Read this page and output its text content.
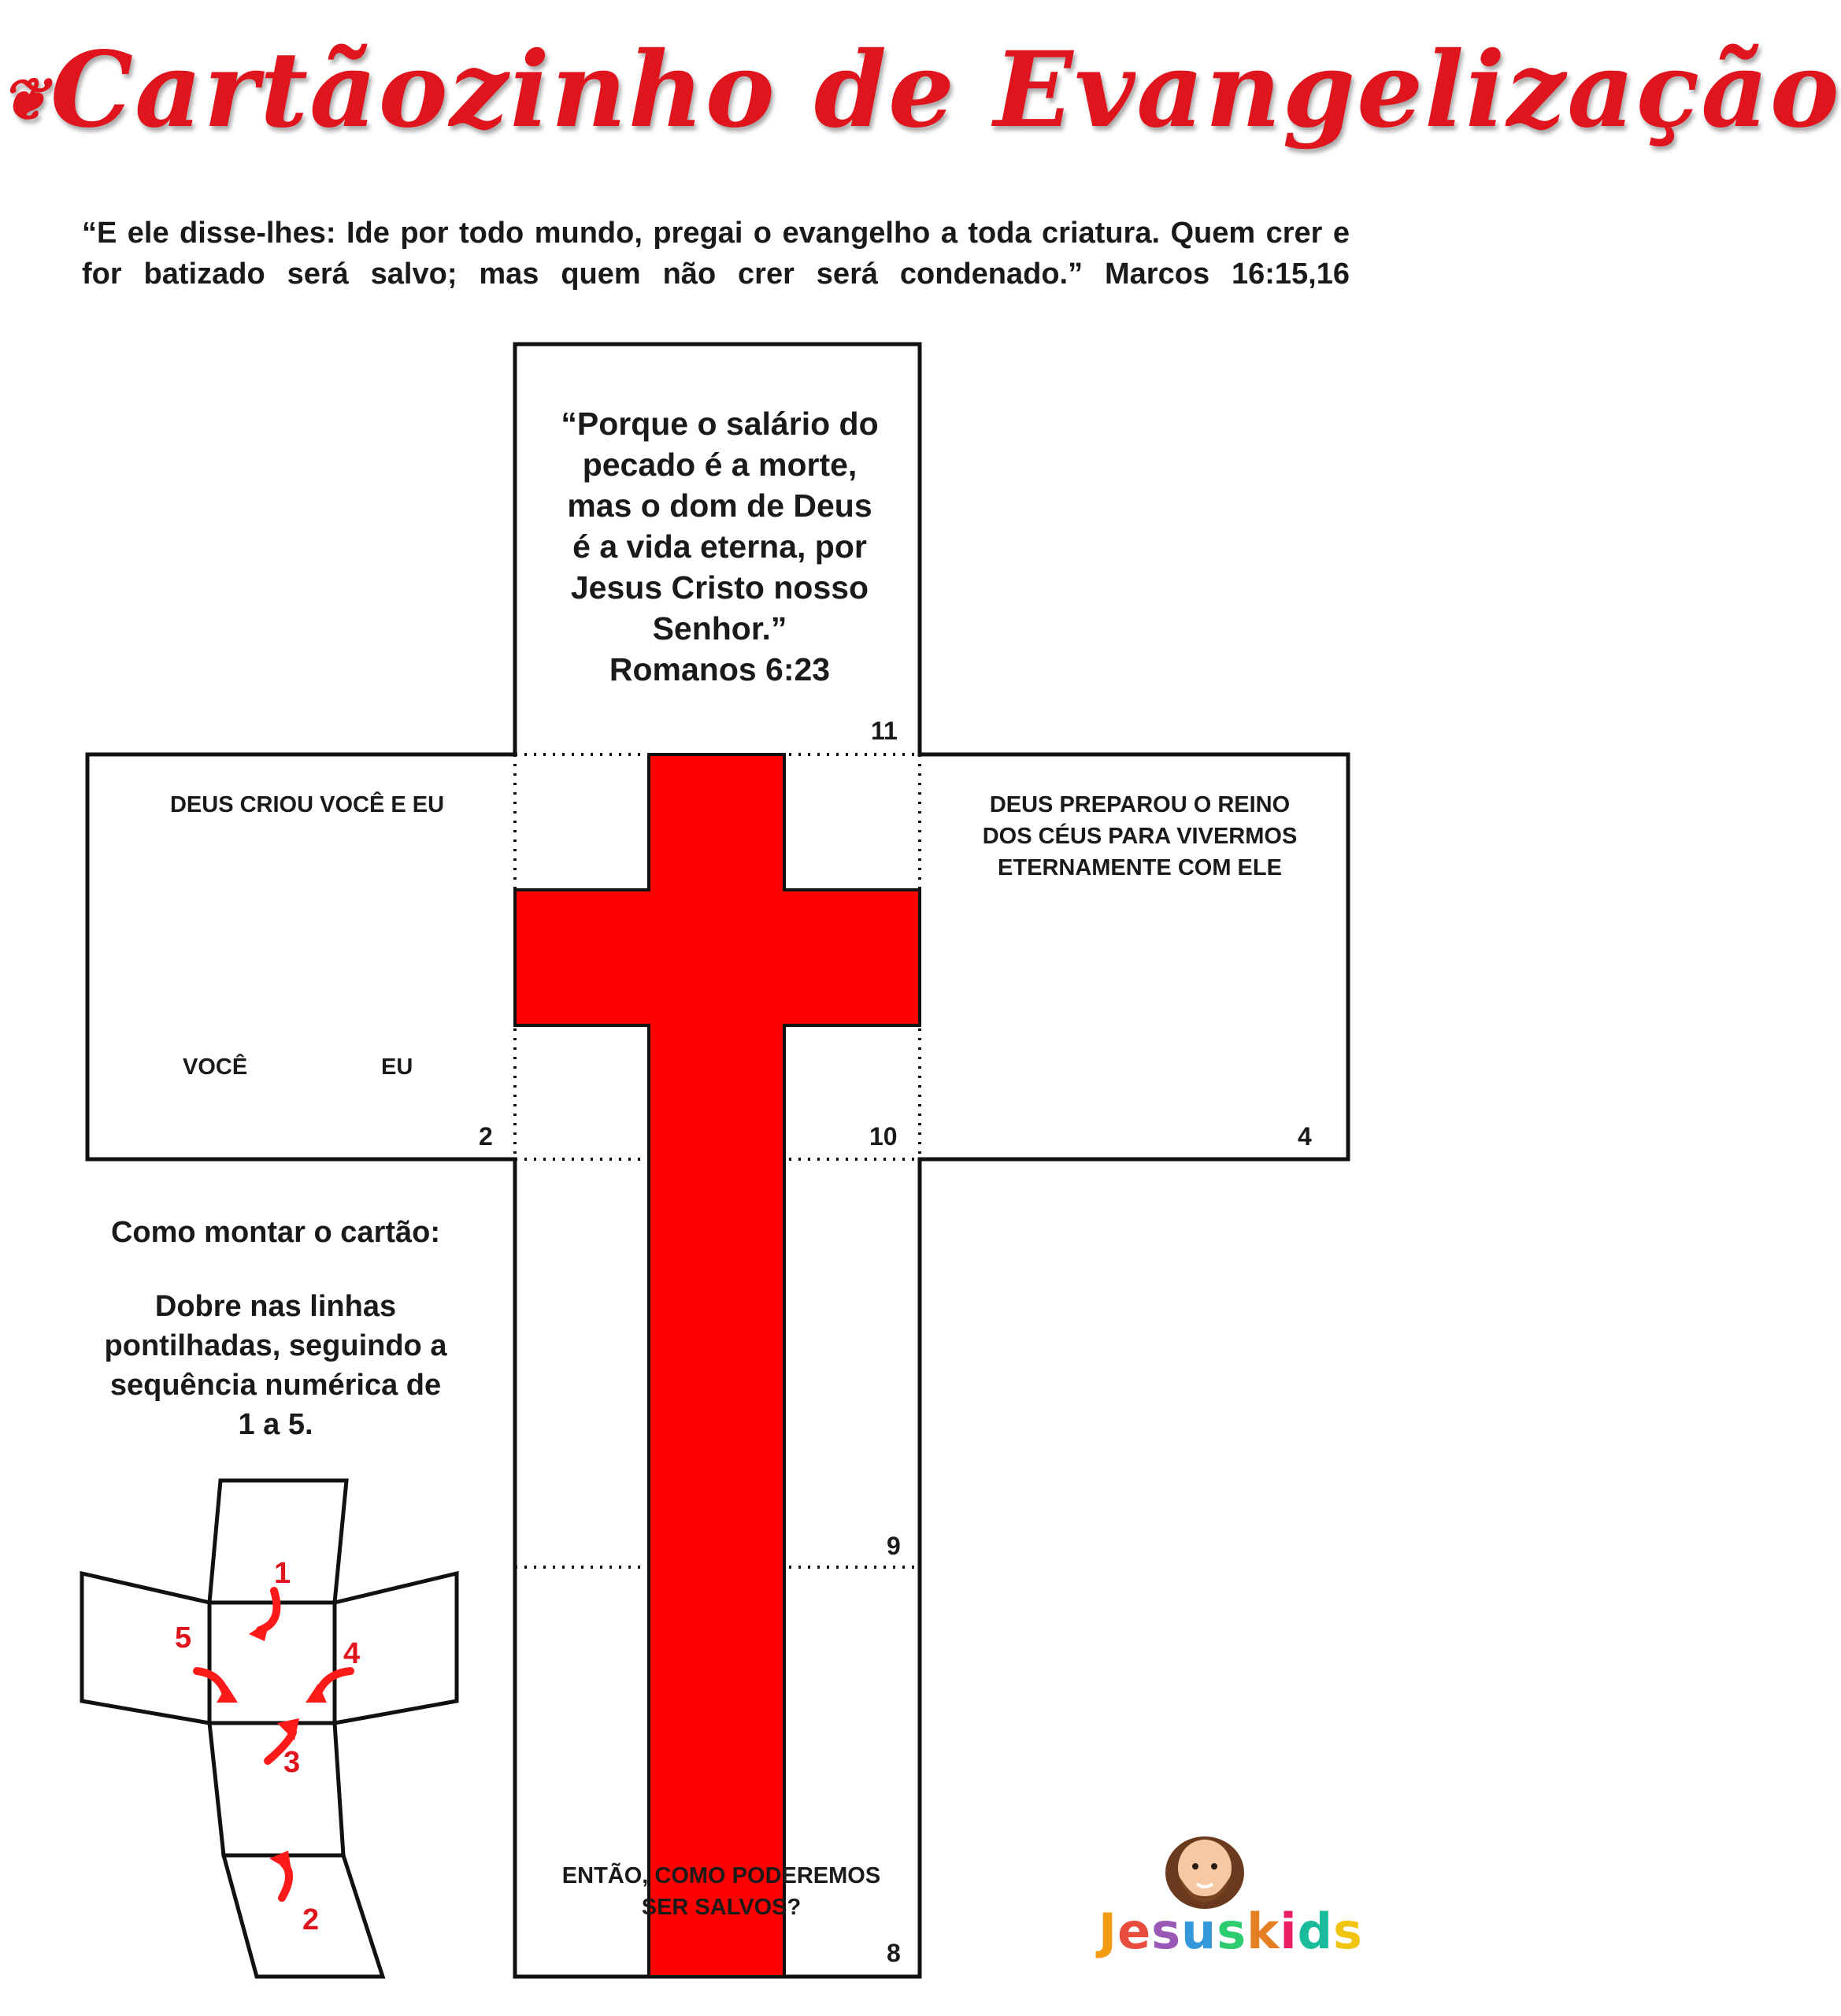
❦Cartãozinho de Evangelização
“E ele disse-lhes: Ide por todo mundo, pregai o evangelho a toda criatura. Quem crer e for batizado será salvo; mas quem não crer será condenado.” Marcos 16:15,16
“Porque o salário do
pecado é a morte,
mas o dom de Deus
é a vida eterna, por
Jesus Cristo nosso
Senhor.”
Romanos 6:23
DEUS CRIOU VOCÊ E EU
VOCÊ	EU
DEUS PREPAROU O REINO
DOS CÉUS PARA VIVERMOS
ETERNAMENTE COM ELE
ENTÃO, COMO PODEREMOS
SER SALVOS?
11
2	10	4
9
8
Como montar o cartão:
Dobre nas linhas
pontilhadas, seguindo a
sequência numérica de
1 a 5.
1
2
3
4
5
Jesuskids
